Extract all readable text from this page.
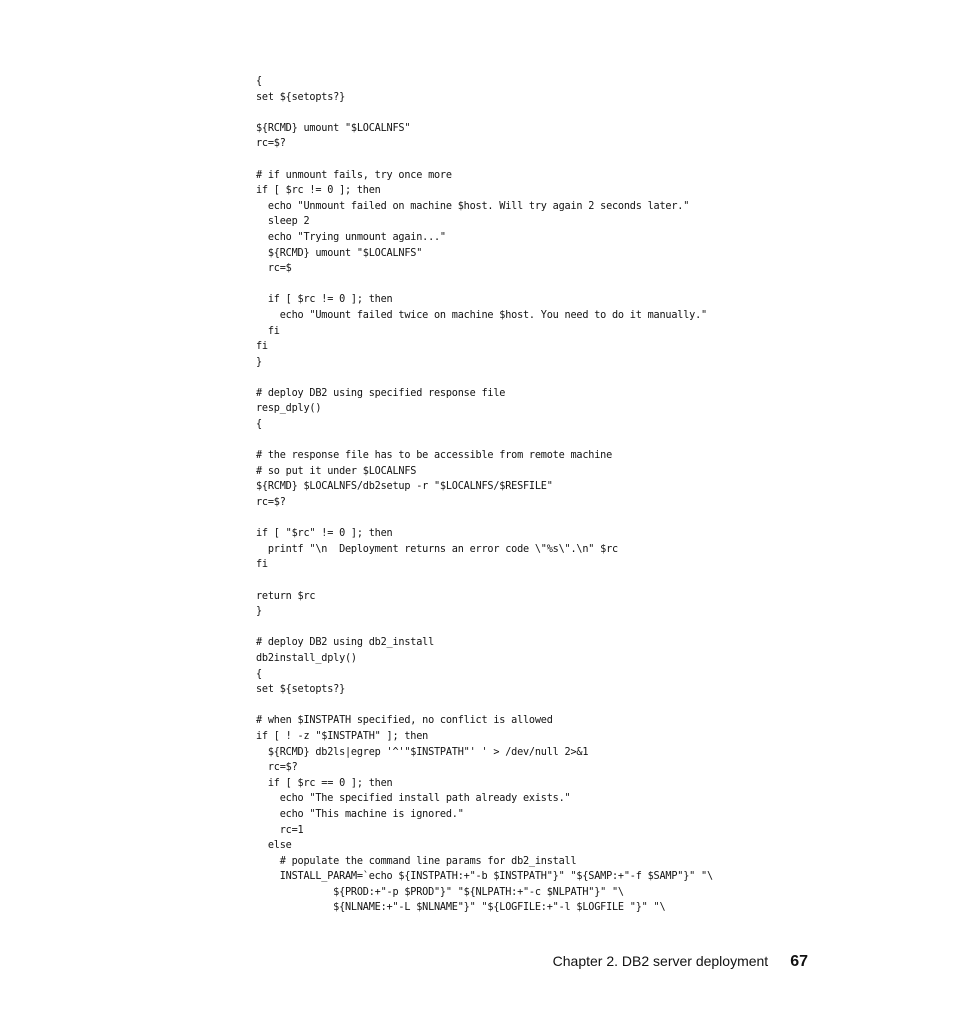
{
set ${setopts?}
${RCMD} umount "$LOCALNFS"
rc=$?
# if unmount fails, try once more
if [ $rc != 0 ]; then
echo "Unmount failed on machine $host. Will try again 2 seconds later."
sleep 2
echo "Trying unmount again..."
${RCMD} umount "$LOCALNFS"
rc=$
if [ $rc != 0 ]; then
echo "Umount failed twice on machine $host. You need to do it manually."
fi
fi
}
# deploy DB2 using specified response file
resp_dply()
{
# the response file has to be accessible from remote machine
# so put it under $LOCALNFS
${RCMD} $LOCALNFS/db2setup -r "$LOCALNFS/$RESFILE"
rc=$?
if [ "$rc" != 0 ]; then
printf "\n  Deployment returns an error code \"%s\".\n" $rc
fi
return $rc
}
# deploy DB2 using db2_install
db2install_dply()
{
set ${setopts?}
# when $INSTPATH specified, no conflict is allowed
if [ ! -z "$INSTPATH" ]; then
${RCMD} db2ls|egrep '^'"$INSTPATH"' ' > /dev/null 2>&1
rc=$?
if [ $rc == 0 ]; then
echo "The specified install path already exists."
echo "This machine is ignored."
rc=1
else
# populate the command line params for db2_install
INSTALL_PARAM=`echo ${INSTPATH:+"-b $INSTPATH"}" "${SAMP:+"-f $SAMP"}" "\
${PROD:+"-p $PROD"}" "${NLPATH:+"-c $NLPATH"}" "\
${NLNAME:+"-L $NLNAME"}" "${LOGFILE:+"-l $LOGFILE "}" "\
Chapter 2. DB2 server deployment 67
